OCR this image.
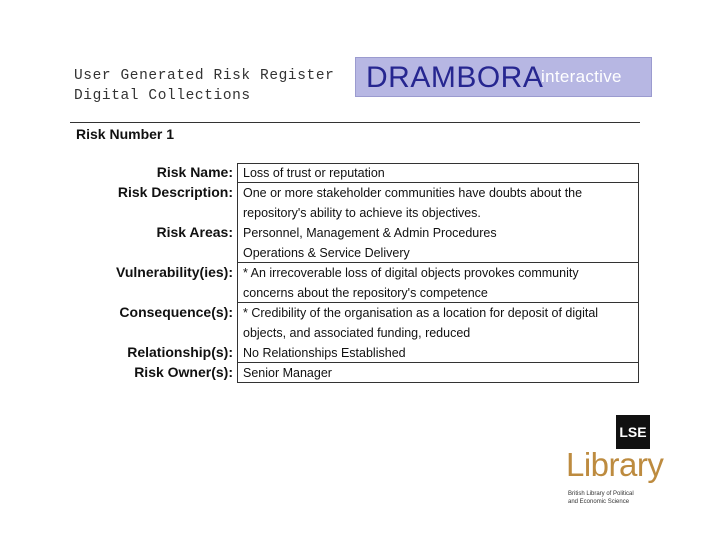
User Generated Risk Register
Digital Collections
DRAMBORA
interactive
Risk Number 1
Risk Name:
Risk Description:
Risk Areas:
Vulnerability(ies):
Consequence(s):
Relationship(s):
Risk Owner(s):
Loss of trust or reputation
One or more stakeholder communities have doubts about the
repository's ability to achieve its objectives.
Personnel, Management & Admin Procedures
Operations & Service Delivery
* An irrecoverable loss of digital objects provokes community
concerns about the repository's competence
* Credibility of the organisation as a location for deposit of digital
objects, and associated funding, reduced
No Relationships Established
Senior Manager
LSE
Library
British Library of Political
and Economic Science
